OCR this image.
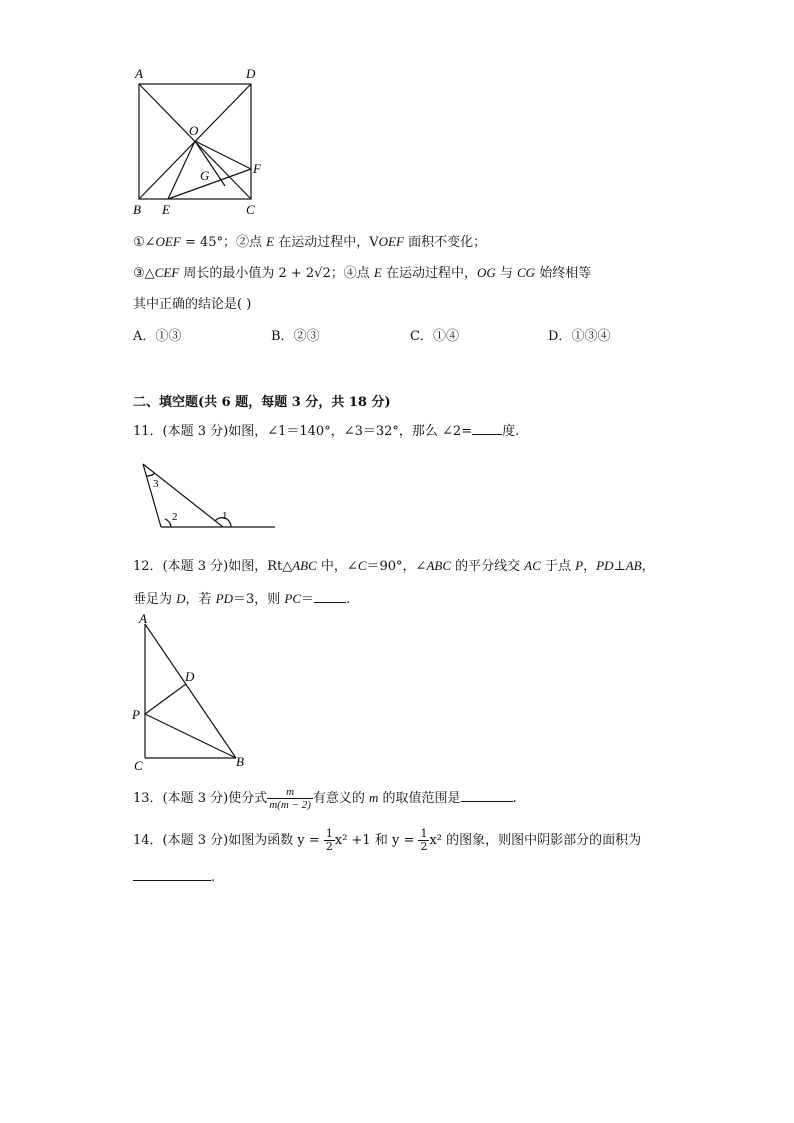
A	D
O
F
G
B E	C
①∠OEF = 45°；②点 E 在运动过程中，VOEF 面积不变化；
③△CEF 周长的最小值为 2 + 2√2；④点 E 在运动过程中，OG 与 CG 始终相等
其中正确的结论是( )
A．①③	B．②③	C．①④	D．①③④
二、填空题(共 6 题，每题 3 分，共 18 分)
11．(本题 3 分)如图，∠1＝140°，∠3＝32°，那么 ∠2= 度.
3
2	1
12．(本题 3 分)如图，Rt△ABC 中，∠C＝90°，∠ABC 的平分线交 AC 于点 P，PD⊥AB，
垂足为 D，若 PD＝3，则 PC＝ .
A
D
P
C	B
13．(本题 3 分)使分式 $\frac{m}{m(m - 2)}$ 有意义的 m 的取值范围是	.
14．(本题 3 分)如图为函数 $y = \frac{1}{2} x^2 +1$ 和 $y = \frac{1}{2} x^2$ 的图象，则图中阴影部分的面积为
.
